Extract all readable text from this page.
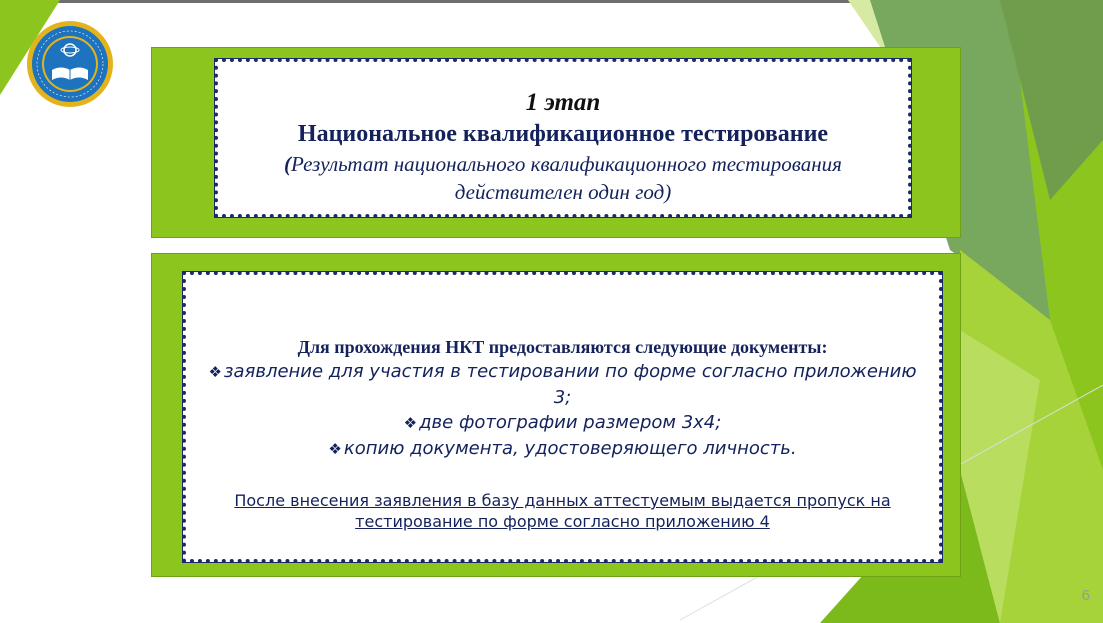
1 этап
Национальное квалификационное тестирование
(Результат национального квалификационного тестирования
действителен один год)
Для прохождения НКТ предоставляются следующие документы:
❖ заявление для участия в тестировании по форме согласно приложению 3;
❖ две фотографии размером 3х4;
❖ копию документа, удостоверяющего личность.
После внесения заявления в базу данных аттестуемым выдается пропуск на тестирование по форме согласно приложению 4
6
